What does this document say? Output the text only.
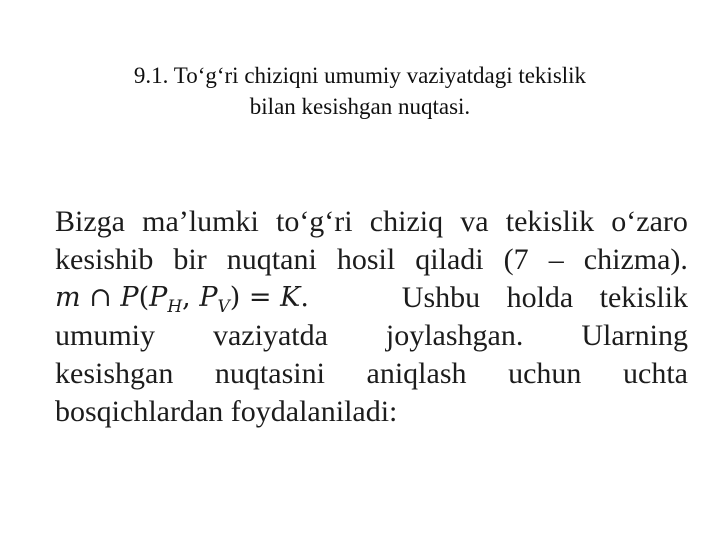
9.1. To‘g‘ri chiziqni umumiy vaziyatdagi tekislik
bilan kesishgan nuqtasi.
Bizga ma’lumki to‘g‘ri chiziq va tekislik o‘zaro
kesishib bir nuqtani hosil qiladi (7 – chizma).
m ∩ $P(P_H$, $P_V) = K$.	Ushbu holda tekislik
umumiy vaziyatda joylashgan. Ularning
kesishgan nuqtasini aniqlash uchun uchta
bosqichlardan foydalaniladi:
